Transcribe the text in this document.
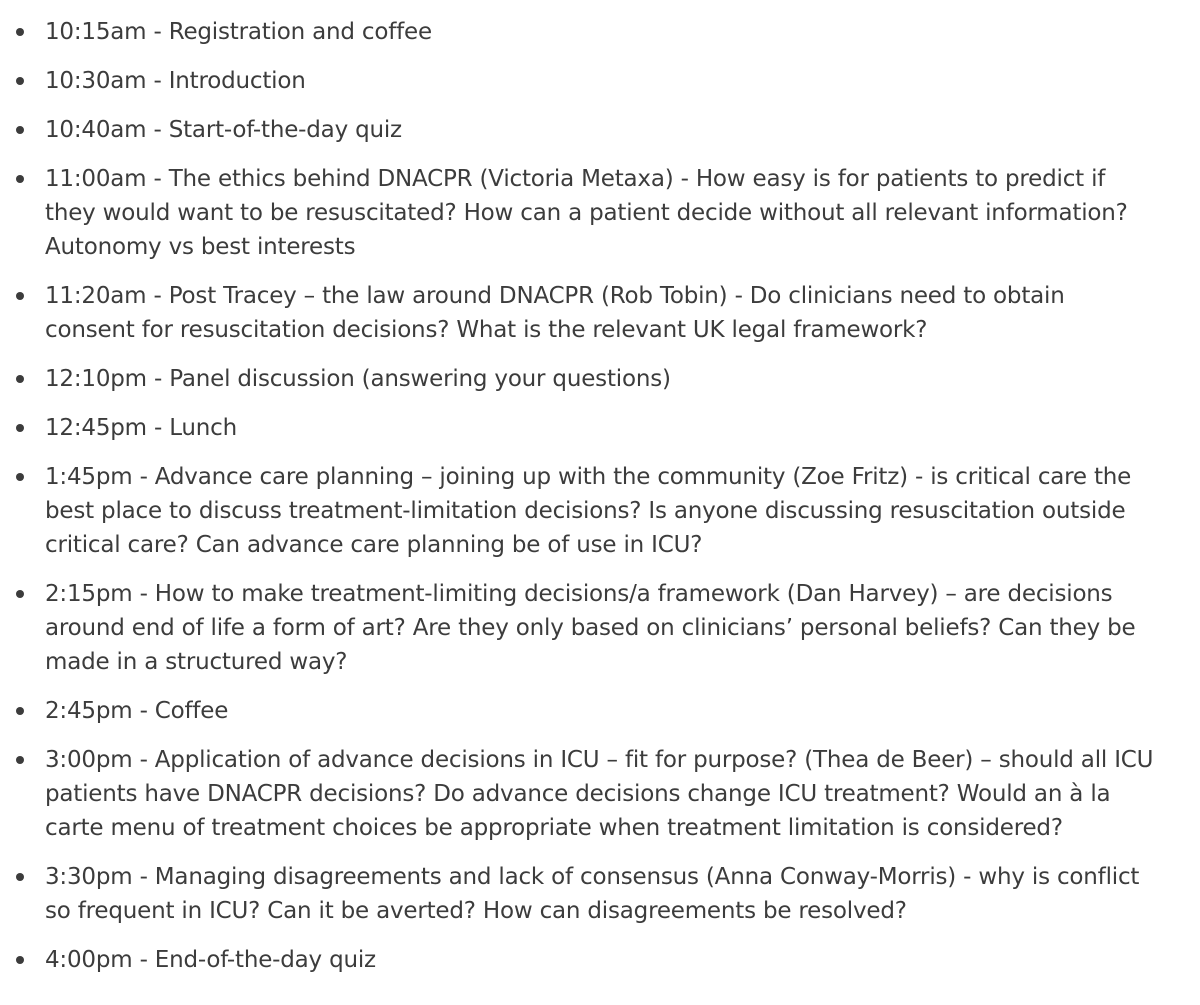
10:15am - Registration and coffee
10:30am - Introduction
10:40am - Start-of-the-day quiz
11:00am - The ethics behind DNACPR (Victoria Metaxa) - How easy is for patients to predict if they would want to be resuscitated? How can a patient decide without all relevant information? Autonomy vs best interests
11:20am - Post Tracey – the law around DNACPR (Rob Tobin) - Do clinicians need to obtain consent for resuscitation decisions? What is the relevant UK legal framework?
12:10pm - Panel discussion (answering your questions)
12:45pm - Lunch
1:45pm - Advance care planning – joining up with the community (Zoe Fritz) - is critical care the best place to discuss treatment-limitation decisions? Is anyone discussing resuscitation outside critical care? Can advance care planning be of use in ICU?
2:15pm - How to make treatment-limiting decisions/a framework (Dan Harvey) – are decisions around end of life a form of art? Are they only based on clinicians’ personal beliefs? Can they be made in a structured way?
2:45pm - Coffee
3:00pm - Application of advance decisions in ICU – fit for purpose? (Thea de Beer) – should all ICU patients have DNACPR decisions? Do advance decisions change ICU treatment? Would an à la carte menu of treatment choices be appropriate when treatment limitation is considered?
3:30pm - Managing disagreements and lack of consensus (Anna Conway-Morris) - why is conflict so frequent in ICU? Can it be averted? How can disagreements be resolved?
4:00pm - End-of-the-day quiz
